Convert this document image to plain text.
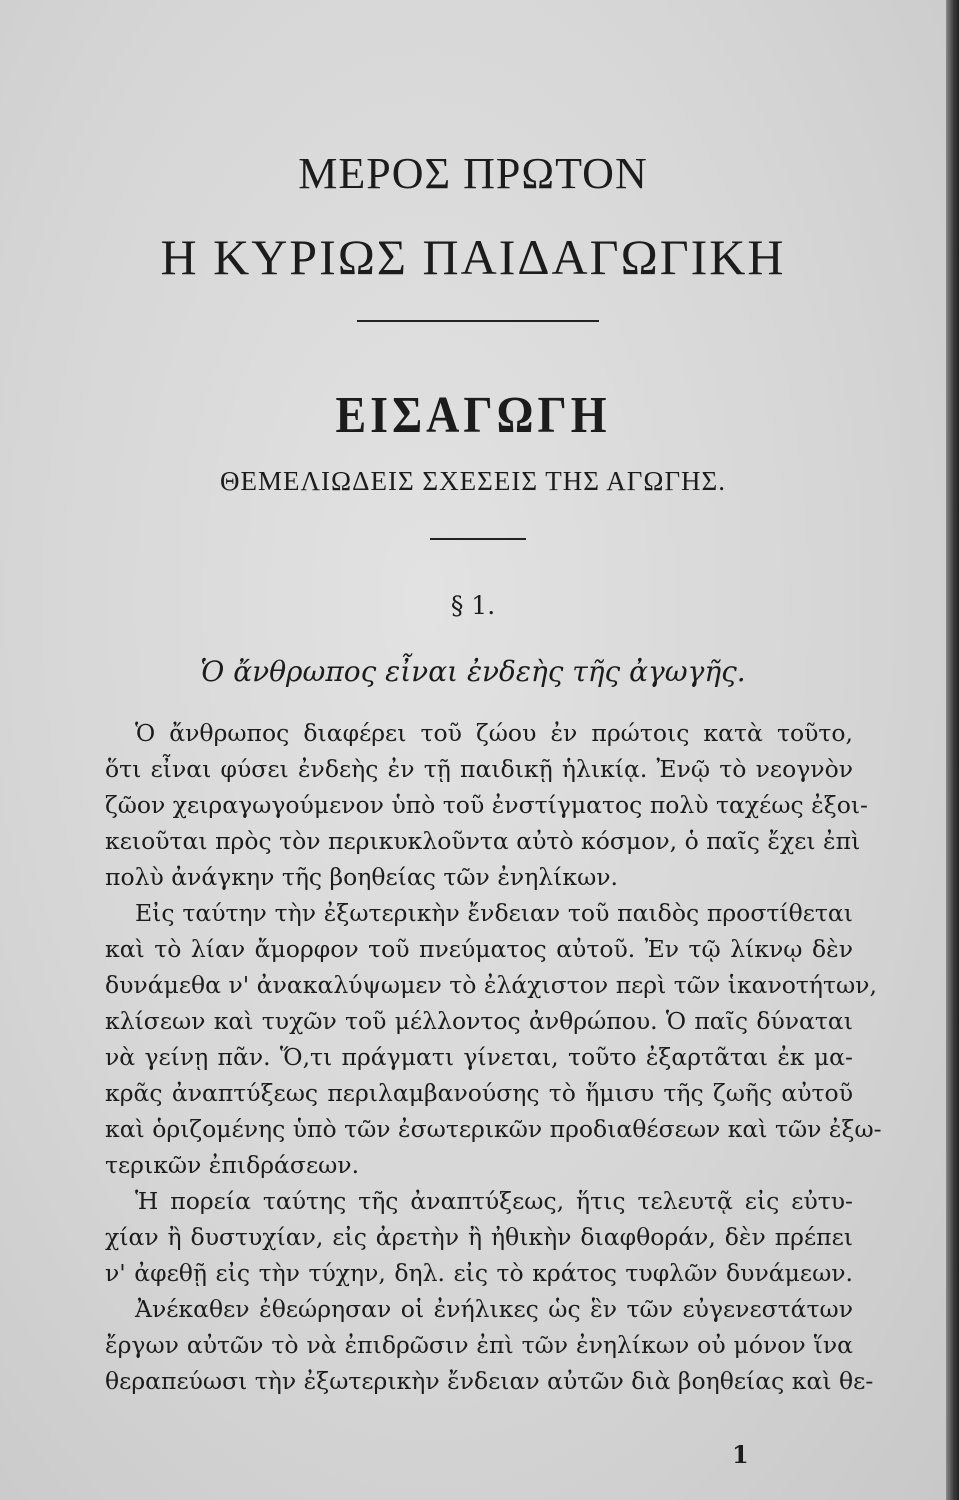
ΜΕΡΟΣ ΠΡΩΤΟΝ
Η ΚΥΡΙΩΣ ΠΑΙΔΑΓΩΓΙΚΗ
ΕΙΣΑΓΩΓΗ
ΘΕΜΕΛΙΩΔΕΙΣ ΣΧΕΣΕΙΣ ΤΗΣ ΑΓΩΓΗΣ.
§ 1.
Ὁ ἄνθρωπος εἶναι ἐνδεὴς τῆς ἀγωγῆς.
Ὁ ἄνθρωπος διαφέρει τοῦ ζώου ἐν πρώτοις κατὰ τοῦτο,
ὅτι εἶναι φύσει ἐνδεὴς ἐν τῇ παιδικῇ ἡλικίᾳ. Ἐνῷ τὸ νεογνὸν
ζῶον χειραγωγούμενον ὑπὸ τοῦ ἐνστίγματος πολὺ ταχέως ἐξοι-
κειοῦται πρὸς τὸν περικυκλοῦντα αὐτὸ κόσμον, ὁ παῖς ἔχει ἐπὶ
πολὺ ἀνάγκην τῆς βοηθείας τῶν ἐνηλίκων.
Εἰς ταύτην τὴν ἐξωτερικὴν ἔνδειαν τοῦ παιδὸς προστίθεται
καὶ τὸ λίαν ἄμορφον τοῦ πνεύματος αὐτοῦ. Ἐν τῷ λίκνῳ δὲν
δυνάμεθα ν' ἀνακαλύψωμεν τὸ ἐλάχιστον περὶ τῶν ἱκανοτήτων,
κλίσεων καὶ τυχῶν τοῦ μέλλοντος ἀνθρώπου. Ὁ παῖς δύναται
νὰ γείνῃ πᾶν. Ὅ,τι πράγματι γίνεται, τοῦτο ἐξαρτᾶται ἐκ μα-
κρᾶς ἀναπτύξεως περιλαμβανούσης τὸ ἥμισυ τῆς ζωῆς αὐτοῦ
καὶ ὁριζομένης ὑπὸ τῶν ἐσωτερικῶν προδιαθέσεων καὶ τῶν ἐξω-
τερικῶν ἐπιδράσεων.
Ἡ πορεία ταύτης τῆς ἀναπτύξεως, ἥτις τελευτᾷ εἰς εὐτυ-
χίαν ἢ δυστυχίαν, εἰς ἀρετὴν ἢ ἠθικὴν διαφθοράν, δὲν πρέπει
ν' ἀφεθῇ εἰς τὴν τύχην, δηλ. εἰς τὸ κράτος τυφλῶν δυνάμεων.
Ἀνέκαθεν ἐθεώρησαν οἱ ἐνήλικες ὡς ἓν τῶν εὐγενεστάτων
ἔργων αὐτῶν τὸ νὰ ἐπιδρῶσιν ἐπὶ τῶν ἐνηλίκων οὐ μόνον ἵνα
θεραπεύωσι τὴν ἐξωτερικὴν ἔνδειαν αὐτῶν διὰ βοηθείας καὶ θε-
1
